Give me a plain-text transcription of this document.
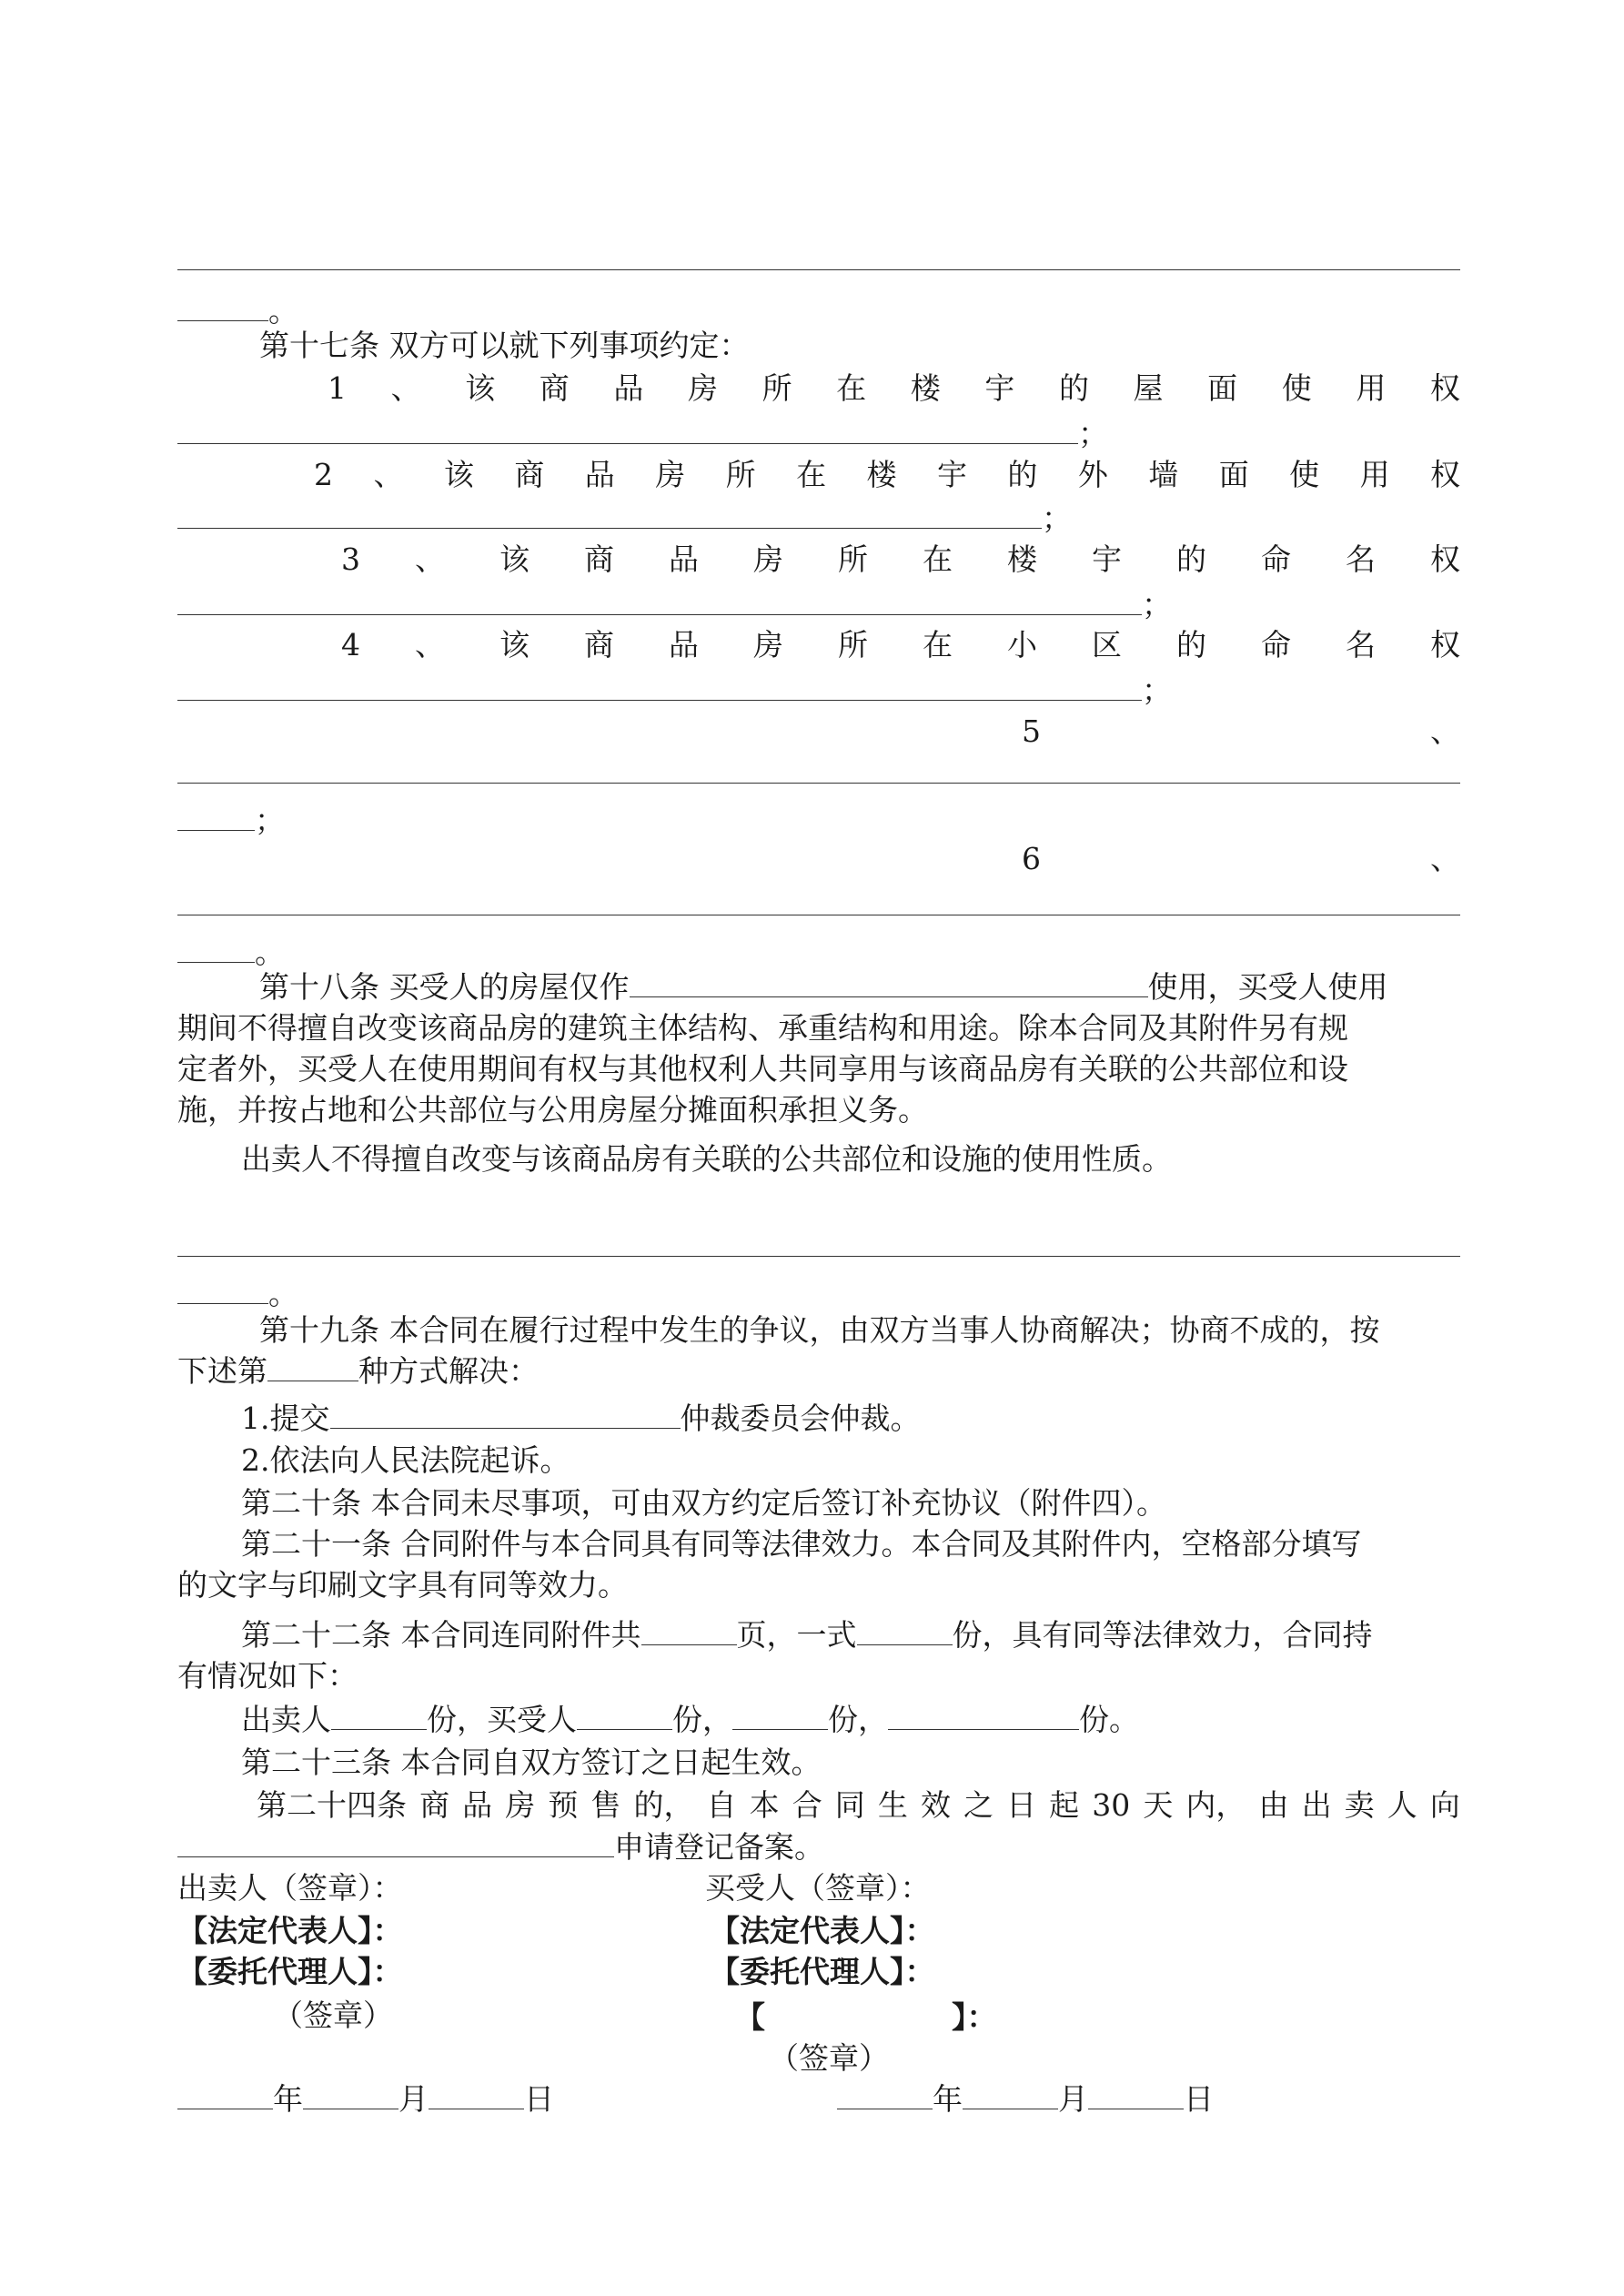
。
第十七条 双方可以就下列事项约定：
1 、 该 商 品 房 所 在 楼 宇 的 屋 面 使 用 权
；
2 、 该 商 品 房 所 在 楼 宇 的 外 墙 面 使 用 权
；
3 、 该 商 品 房 所 在 楼 宇 的 命 名 权
；
4 、 该 商 品 房 所 在 小 区 的 命 名 权
；
5	、
；
6	、
。
第十八条 买受人的房屋仅作	使用，买受人使用
期间不得擅自改变该商品房的建筑主体结构、承重结构和用途。除本合同及其附件另有规
定者外，买受人在使用期间有权与其他权利人共同享用与该商品房有关联的公共部位和设
施，并按占地和公共部位与公用房屋分摊面积承担义务。
出卖人不得擅自改变与该商品房有关联的公共部位和设施的使用性质。
。
第十九条 本合同在履行过程中发生的争议，由双方当事人协商解决；协商不成的，按
下述第	种方式解决：
1.提交	仲裁委员会仲裁。
2.依法向人民法院起诉。
第二十条 本合同未尽事项，可由双方约定后签订补充协议（附件四）。
第二十一条 合同附件与本合同具有同等法律效力。本合同及其附件内，空格部分填写
的文字与印刷文字具有同等效力。
第二十二条 本合同连同附件共	页，一式	份，具有同等法律效力，合同持
有情况如下：
出卖人	份，买受人	份，	份，	份。
第二十三条 本合同自双方签订之日起生效。
第二十四条 商 品 房 预 售 的， 自 本 合 同 生 效 之 日 起 30 天 内， 由 出 卖 人 向
申请登记备案。
出卖人（签章）：
【法定代表人】：
【委托代理人】：
（签章）
年	月	日
买受人（签章）：
【法定代表人】：
【委托代理人】：
【	】：
（签章）
年	月	日
